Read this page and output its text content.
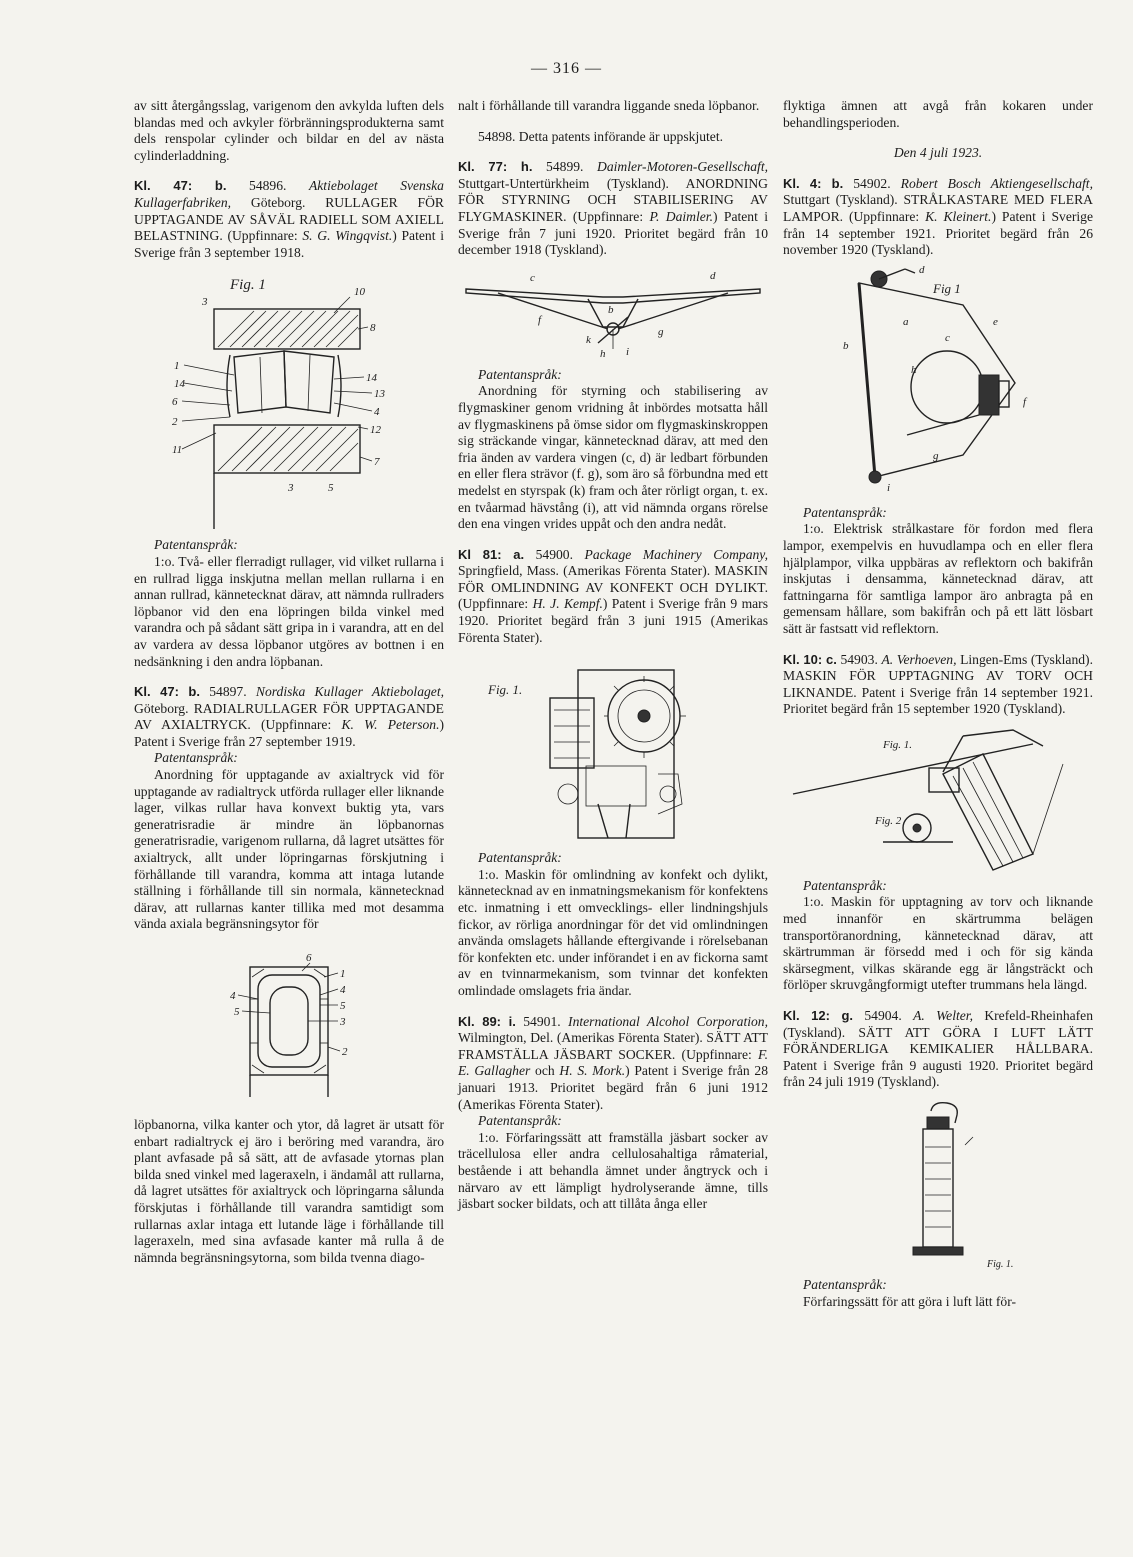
— 316 —

av sitt återgångsslag, varigenom den avkylda luften dels blandas med och avkyler förbränningsprodukterna samt dels renspolar cylinder och bildar en del av nästa cylinderladdning.

Kl. 47: b. 54896. Aktiebolaget Svenska Kullagerfabriken, Göteborg. RULLAGER FÖR UPPTAGANDE AV SÅVÄL RADIELL SOM AXIELL BELASTNING. (Uppfinnare: S. G. Wingqvist.) Patent i Sverige från 3 september 1918.

Fig. 1
3
10
8
1
14
6
2
11
14
13
4
12
7
3	5

Patentanspråk:

1:o. Två- eller flerradigt rullager, vid vilket rullarna i en rullrad ligga inskjutna mellan mellan rullarna i en annan rullrad, kännetecknat därav, att nämnda rullraders löpbanor vid den ena löpringen bilda vinkel med varandra och på sådant sätt gripa in i varandra, att en del av vardera av dessa löpbanor utgöres av bottnen i en nedsänkning i den andra löpbanan.

Kl. 47: b. 54897. Nordiska Kullager Aktiebolaget, Göteborg. RADIALRULLAGER FÖR UPPTAGANDE AV AXIALTRYCK. (Uppfinnare: K. W. Peterson.) Patent i Sverige från 27 september 1919.

Patentanspråk:

Anordning för upptagande av axialtryck vid för upptagande av radialtryck utförda rullager eller liknande lager, vilkas rullar hava konvext buktig yta, vars generatrisradie är mindre än löpbanornas generatrisradie, varigenom rullarna, då lagret utsättes för axialtryck, allt under löpringarnas förskjutning i förhållande till varandra, komma att intaga lutande ställning i förhållande till sin normala, kännetecknad därav, att rullarnas kanter tillika med mot desamma vända axiala begränsningsytor för

6
1
4	4
5	5
3
2

löpbanorna, vilka kanter och ytor, då lagret är utsatt för enbart radialtryck ej äro i beröring med varandra, äro plant avfasade på så sätt, att de avfasade ytornas plan bilda sned vinkel med lageraxeln, i ändamål att rullarna, då lagret utsättes för axialtryck och löpringarna sålunda förskjutas i förhållande till varandra samtidigt som rullarnas axlar intaga ett lutande läge i förhållande till lageraxeln, med sina avfasade kanter må rulla å de nämnda begränsningsytorna, som bilda tvenna diago-

nalt i förhållande till varandra liggande sneda löpbanor.

54898. Detta patents införande är uppskjutet.

Kl. 77: h. 54899. Daimler-Motoren-Gesellschaft, Stuttgart-Untertürkheim (Tyskland). ANORDNING FÖR STYRNING OCH STABILISERING AV FLYGMASKINER. (Uppfinnare: P. Daimler.) Patent i Sverige från 7 juni 1920. Prioritet begärd från 10 december 1918 (Tyskland).

c	d
b
f
k
h i
g

Patentanspråk:

Anordning för styrning och stabilisering av flygmaskiner genom vridning åt inbördes motsatta håll av flygmaskinens på ömse sidor om flygmaskinskroppen sig sträckande vingar, kännetecknad därav, att med den fria änden av vardera vingen (c, d) är ledbart förbunden en eller flera strävor (f. g), som äro så förbundna med ett medelst en styrspak (k) fram och åter rörligt organ, t. ex. en tvåarmad hävstång (i), att vid nämnda organs rörelse den ena vingen vrides uppåt och den andra nedåt.

Kl 81: a. 54900. Package Machinery Company, Springfield, Mass. (Amerikas Förenta Stater). MASKIN FÖR OMLINDNING AV KONFEKT OCH DYLIKT. (Uppfinnare: H. J. Kempf.) Patent i Sverige från 9 mars 1920. Prioritet begärd från 3 juni 1915 (Amerikas Förenta Stater).

Fig. 1.

Patentanspråk:

1:o. Maskin för omlindning av konfekt och dylikt, kännetecknad av en inmatningsmekanism för konfektens etc. inmatning i ett omvecklings- eller lindningshjuls fickor, av rörliga anordningar för det vid omlindningen använda omslagets hållande eftergivande i rörelsebanan för konfekten etc. under införandet i en av fickorna samt av en tvinnarmekanism, som tvinnar det konfekten omlindade omslagets fria ändar.

Kl. 89: i. 54901. International Alcohol Corporation, Wilmington, Del. (Amerikas Förenta Stater). SÄTT ATT FRAMSTÄLLA JÄSBART SOCKER. (Uppfinnare: F. E. Gallagher och H. S. Mork.) Patent i Sverige från 28 januari 1913. Prioritet begärd från 6 juni 1912 (Amerikas Förenta Stater).

Patentanspråk:

1:o. Förfaringssätt att framställa jäsbart socker av träcellulosa eller andra cellulosahaltiga råmaterial, bestående i att behandla ämnet under ångtryck och i närvaro av ett lämpligt hydrolyserande ämne, tills jäsbart socker bildats, och att tillåta ånga eller

flyktiga ämnen att avgå från kokaren under behandlingsperioden.

Den 4 juli 1923.

Kl. 4: b. 54902. Robert Bosch Aktiengesellschaft, Stuttgart (Tyskland). STRÅLKASTARE MED FLERA LAMPOR. (Uppfinnare: K. Kleinert.) Patent i Sverige från 14 september 1921. Prioritet begärd från 26 november 1920 (Tyskland).

Fig 1
d
e
a
c
b
h
f
g
i

Patentanspråk:

1:o. Elektrisk strålkastare för fordon med flera lampor, exempelvis en huvudlampa och en eller flera hjälplampor, vilka uppbäras av reflektorn och bakifrån inskjutas i densamma, kännetecknad därav, att fattningarna för samtliga lampor äro anbragta på en gemensam hållare, som bakifrån och på ett lätt lösbart sätt är fastsatt vid reflektorn.

Kl. 10: c. 54903. A. Verhoeven, Lingen-Ems (Tyskland). MASKIN FÖR UPPTAGNING AV TORV OCH LIKNANDE. Patent i Sverige från 14 september 1921. Prioritet begärd från 15 september 1920 (Tyskland).

Fig. 1.
Fig. 2

Patentanspråk:

1:o. Maskin för upptagning av torv och liknande med innanför en skärtrumma belägen transportöranordning, kännetecknad därav, att skärtrumman är försedd med i och för sig kända skärsegment, vilkas skärande egg är långsträckt och förlöper skruvgångformigt utefter trummans hela längd.

Kl. 12: g. 54904. A. Welter, Krefeld-Rheinhafen (Tyskland). SÄTT ATT GÖRA I LUFT LÄTT FÖRÄNDERLIGA KEMIKALIER HÅLLBARA. Patent i Sverige från 9 augusti 1920. Prioritet begärd från 24 juli 1919 (Tyskland).

Fig. 1.

Patentanspråk:

Förfaringssätt för att göra i luft lätt för-
